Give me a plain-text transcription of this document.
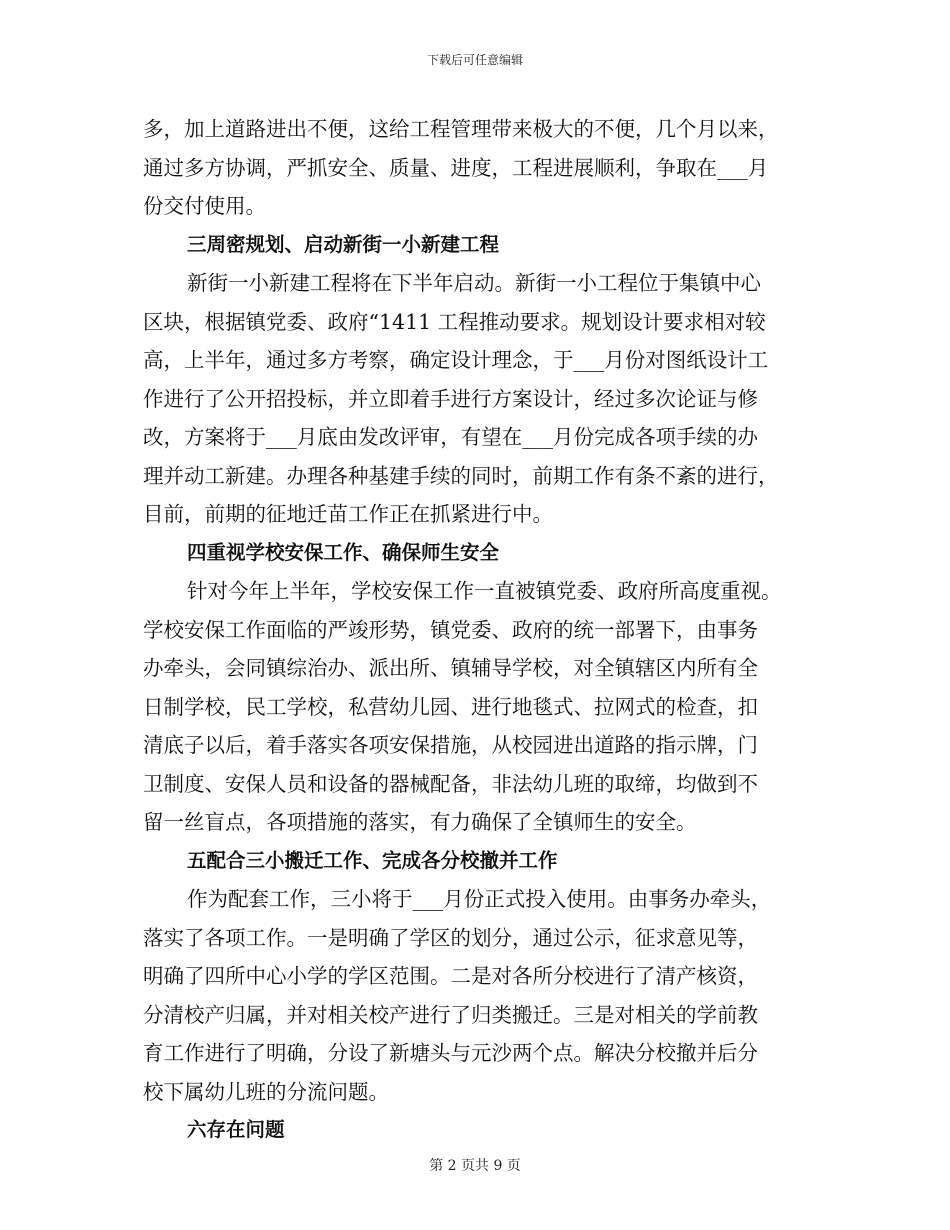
下载后可任意编辑
多，加上道路进出不便，这给工程管理带来极大的不便，几个月以来，
通过多方协调，严抓安全、质量、进度，工程进展顺利，争取在___月
份交付使用。
三周密规划、启动新街一小新建工程
新街一小新建工程将在下半年启动。新街一小工程位于集镇中心
区块，根据镇党委、政府“1411 工程推动要求。规划设计要求相对较
高，上半年，通过多方考察，确定设计理念，于___月份对图纸设计工
作进行了公开招投标，并立即着手进行方案设计，经过多次论证与修
改，方案将于___月底由发改评审，有望在___月份完成各项手续的办
理并动工新建。办理各种基建手续的同时，前期工作有条不紊的进行，
目前，前期的征地迁苗工作正在抓紧进行中。
四重视学校安保工作、确保师生安全
针对今年上半年，学校安保工作一直被镇党委、政府所高度重视。
学校安保工作面临的严竣形势，镇党委、政府的统一部署下，由事务
办牵头，会同镇综治办、派出所、镇辅导学校，对全镇辖区内所有全
日制学校，民工学校，私营幼儿园、进行地毯式、拉网式的检查，扣
清底子以后，着手落实各项安保措施，从校园进出道路的指示牌，门
卫制度、安保人员和设备的器械配备，非法幼儿班的取缔，均做到不
留一丝盲点，各项措施的落实，有力确保了全镇师生的安全。
五配合三小搬迁工作、完成各分校撤并工作
作为配套工作，三小将于___月份正式投入使用。由事务办牵头，
落实了各项工作。一是明确了学区的划分，通过公示，征求意见等，
明确了四所中心小学的学区范围。二是对各所分校进行了清产核资，
分清校产归属，并对相关校产进行了归类搬迁。三是对相关的学前教
育工作进行了明确，分设了新塘头与元沙两个点。解决分校撤并后分
校下属幼儿班的分流问题。
六存在问题
第 2 页共 9 页
